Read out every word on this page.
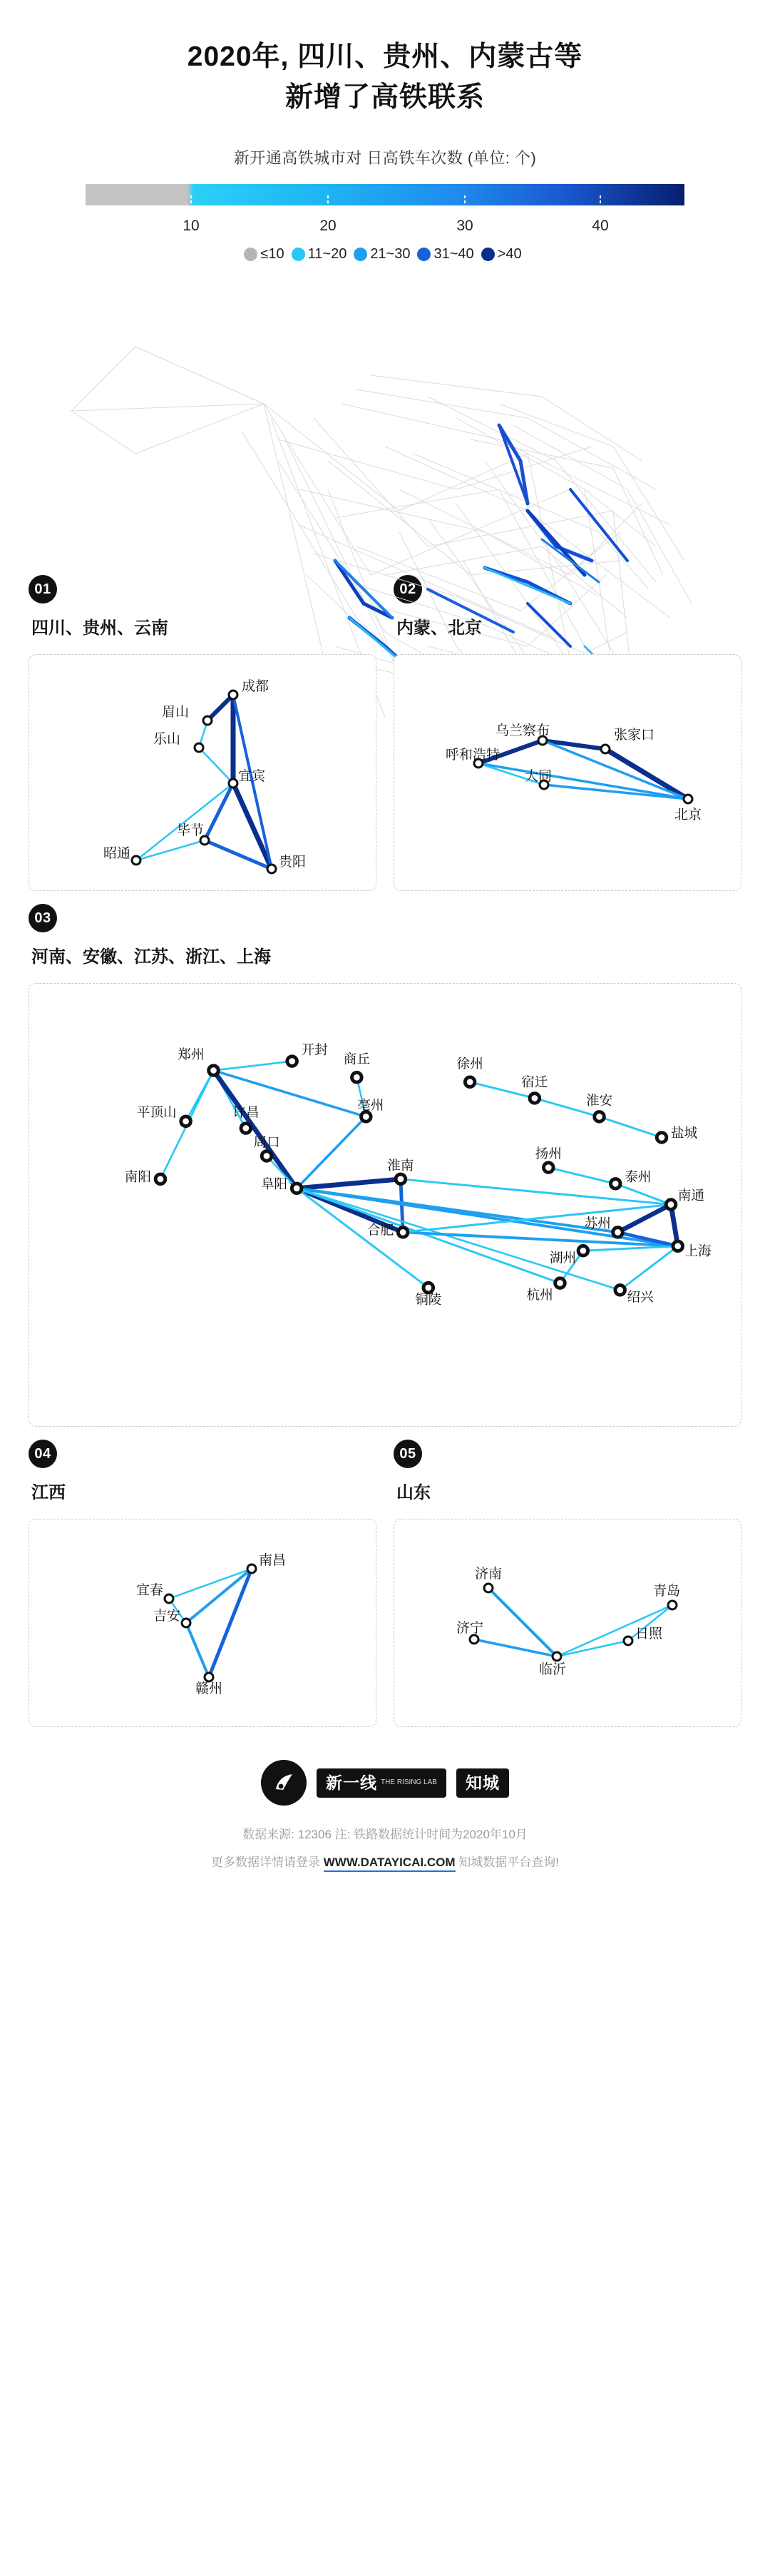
2020年, 四川、贵州、内蒙古等
新增了高铁联系
新开通高铁城市对 日高铁车次数 (单位: 个)
10	20	30	40
≤10 11~20 21~30 31~40 >40
01
四川、贵州、云南
成都
眉山
乐山
宜宾
毕节
昭通
贵阳
02
内蒙、北京
乌兰察布	张家口
呼和浩特
大同
北京
03
河南、安徽、江苏、浙江、上海
郑州	开封
商丘	徐州
宿迁
淮安
盐城
平顶山	许昌	亳州
周口
南阳	阜阳
淮南
扬州
泰州
南通
合肥	苏州
上海
湖州
铜陵	杭州	绍兴
04
江西
南昌
宜春
吉安
赣州
05
山东
济南
青岛
济宁	日照
临沂
新一线 THE RISING LAB 知城
数据来源: 12306 注: 铁路数据统计时间为2020年10月
更多数据详情请登录 WWW.DATAYICAI.COM 知城数据平台查询!
